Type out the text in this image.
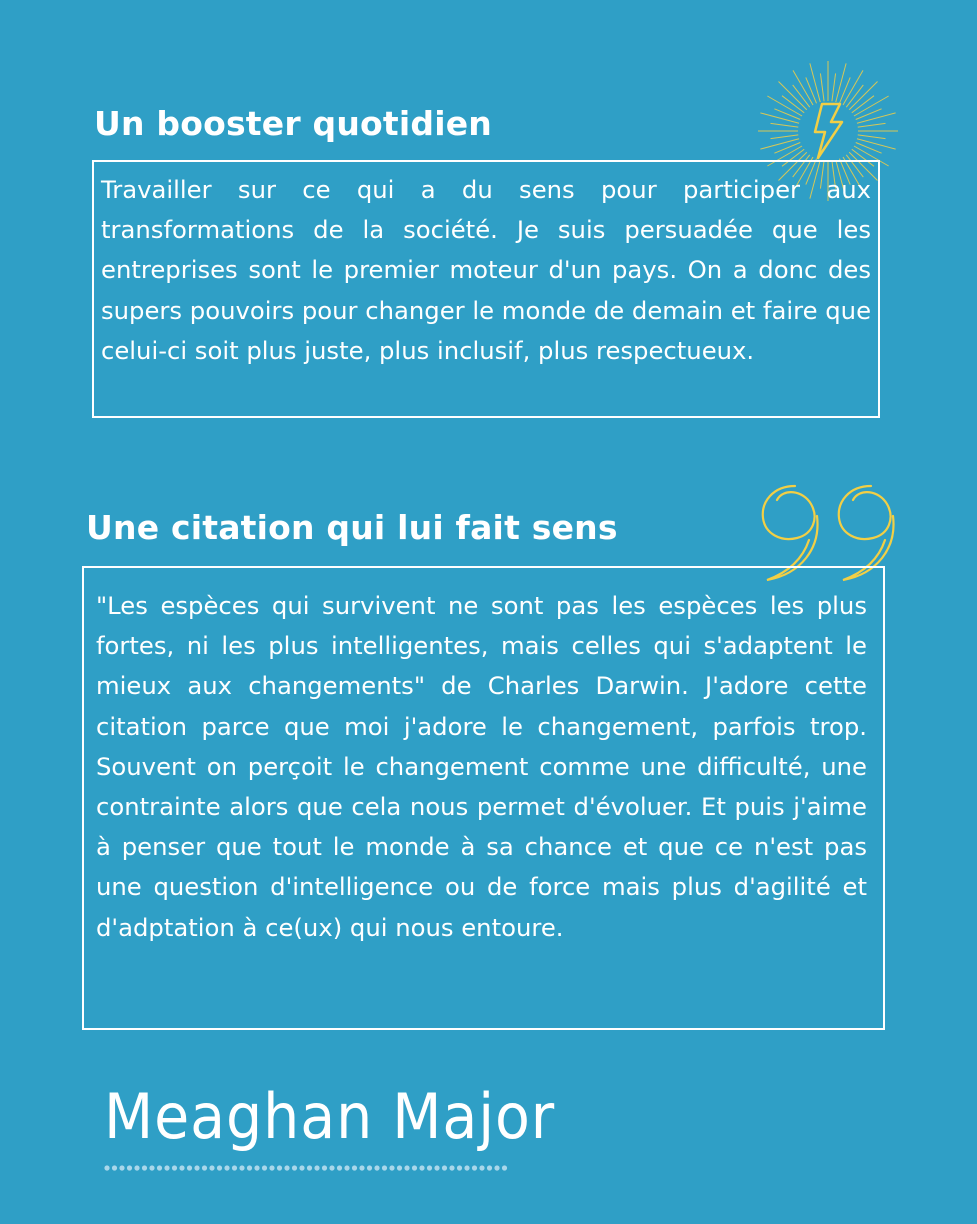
Un booster quotidien

Travailler sur ce qui a du sens pour participer aux transformations de la société. Je suis persuadée que les entreprises sont le premier moteur d'un pays. On a donc des supers pouvoirs pour changer le monde de demain et faire que celui-ci soit plus juste, plus inclusif, plus respectueux.

Une citation qui lui fait sens

"Les espèces qui survivent ne sont pas les espèces les plus fortes, ni les plus intelligentes, mais celles qui s'adaptent le mieux aux changements" de Charles Darwin. J'adore cette citation parce que moi j'adore le changement, parfois trop. Souvent on perçoit le changement comme une difficulté, une contrainte alors que cela nous permet d'évoluer. Et puis j'aime à penser que tout le monde à sa chance et que ce n'est pas une question d'intelligence ou de force mais plus d'agilité et d'adptation à ce(ux) qui nous entoure.

Meaghan Major
